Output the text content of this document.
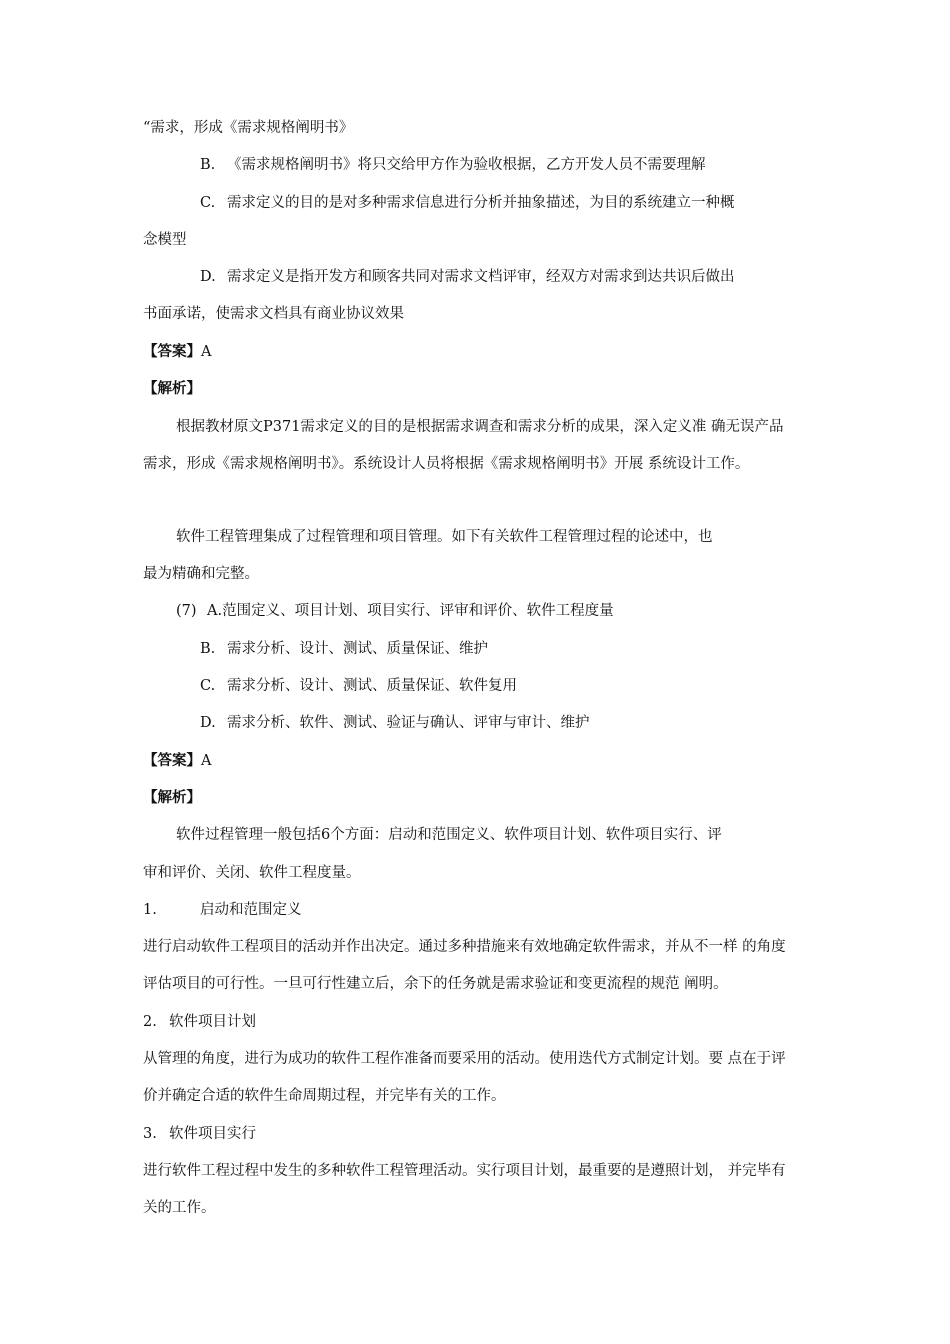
“需求，形成《需求规格阐明书》
B. 《需求规格阐明书》将只交给甲方作为验收根据，乙方开发人员不需要理解
C. 需求定义的目的是对多种需求信息进行分析并抽象描述，为目的系统建立一种概
念模型
D. 需求定义是指开发方和顾客共同对需求文档评审，经双方对需求到达共识后做出
书面承诺，使需求文档具有商业协议效果
【答案】A
【解析】
根据教材原文P371需求定义的目的是根据需求调查和需求分析的成果，深入定义准 确无误产品
需求，形成《需求规格阐明书》。系统设计人员将根据《需求规格阐明书》开展 系统设计工作。
软件工程管理集成了过程管理和项目管理。如下有关软件工程管理过程的论述中，也
最为精确和完整。
(7) A.范围定义、项目计划、项目实行、评审和评价、软件工程度量
B. 需求分析、设计、测试、质量保证、维护
C. 需求分析、设计、测试、质量保证、软件复用
D. 需求分析、软件、测试、验证与确认、评审与审计、维护
【答案】A
【解析】
软件过程管理一般包括6个方面：启动和范围定义、软件项目计划、软件项目实行、评
审和评价、关闭、软件工程度量。
1.	启动和范围定义
进行启动软件工程项目的活动并作出决定。通过多种措施来有效地确定软件需求，并从不一样 的角度
评估项目的可行性。一旦可行性建立后，余下的任务就是需求验证和变更流程的规范 阐明。
2. 软件项目计划
从管理的角度，进行为成功的软件工程作准备而要采用的活动。使用迭代方式制定计划。要 点在于评
价并确定合适的软件生命周期过程，并完毕有关的工作。
3. 软件项目实行
进行软件工程过程中发生的多种软件工程管理活动。实行项目计划，最重要的是遵照计划， 并完毕有
关的工作。
